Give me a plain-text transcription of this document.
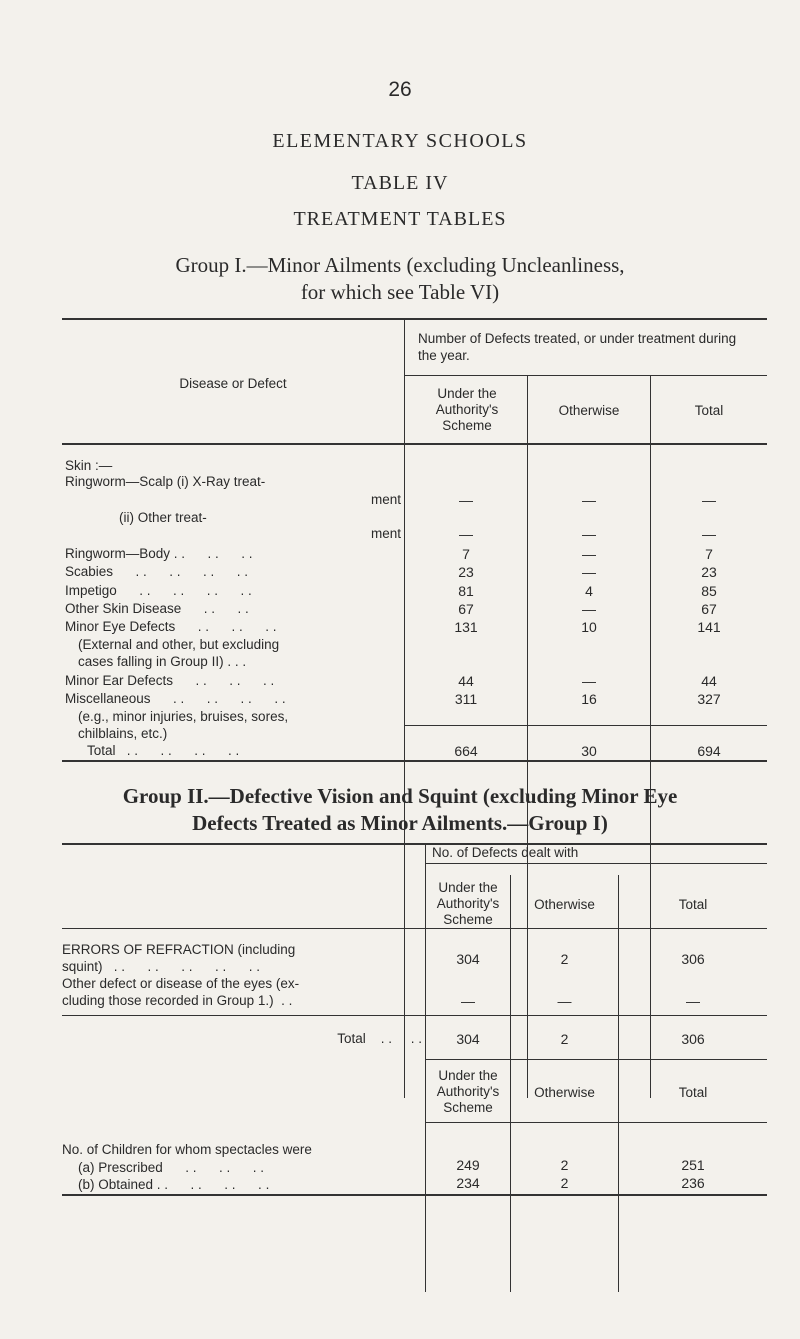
26
ELEMENTARY SCHOOLS
TABLE IV
TREATMENT TABLES
Group I.—Minor Ailments (excluding Uncleanliness,
for which see Table VI)
Disease or Defect
Number of Defects treated, or under treatment during the year.
Under the Authority's Scheme
Otherwise	Total
Skin :—
Ringworm—Scalp (i) X-Ray treat-
ment	—	—	—
(ii) Other treat-
ment	—	—	—
Ringworm—Body . .      . .      . .	7	—	7
Scabies      . .      . .      . .      . .	23	—	23
Impetigo      . .      . .      . .      . .	81	4	85
Other Skin Disease      . .      . .	67	—	67
Minor Eye Defects      . .      . .      . .	131	10	141
(External and other, but excluding
cases falling in Group II) . . .
Minor Ear Defects      . .      . .      . .	44	—	44
Miscellaneous      . .      . .      . .      . .	311	16	327
(e.g., minor injuries, bruises, sores,
chilblains, etc.)
Total   . .      . .      . .      . .	664	30	694
Group II.—Defective Vision and Squint (excluding Minor Eye
Defects Treated as Minor Ailments.—Group I)
No. of Defects dealt with
Under the
Authority's
Scheme
Otherwise	Total
ERRORS OF REFRACTION (including
squint)   . .      . .      . .      . .      . .	304	2	306
Other defect or disease of the eyes (ex-
cluding those recorded in Group 1.)  . .	—	—	—
Total    . .     . .	304	2	306
Under the
Authority's
Scheme
Otherwise	Total
No. of Children for whom spectacles were
(a) Prescribed      . .      . .      . .	249	2	251
(b) Obtained . .      . .      . .      . .	234	2	236
